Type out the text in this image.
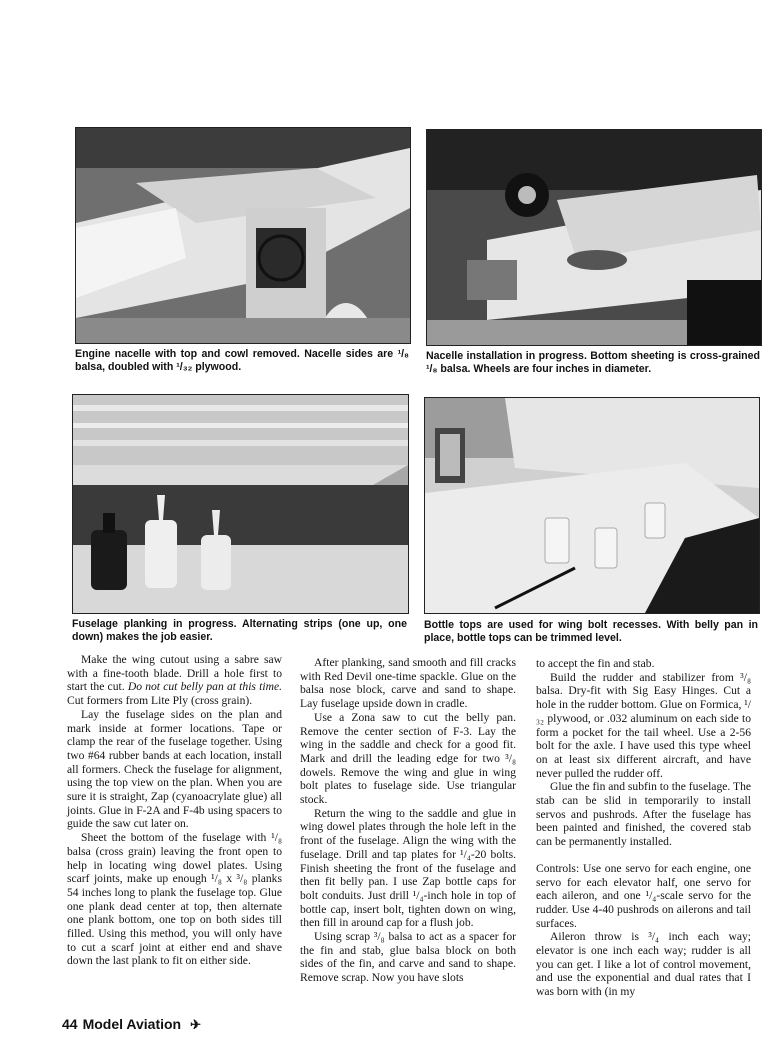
Engine nacelle with top and cowl removed. Nacelle sides are ¹/₈ balsa, doubled with ¹/₃₂ plywood.
Nacelle installation in progress. Bottom sheeting is cross-grained ¹/₈ balsa. Wheels are four inches in diameter.
Fuselage planking in progress. Alternating strips (one up, one down) makes the job easier.
Bottle tops are used for wing bolt recesses. With belly pan in place, bottle tops can be trimmed level.

Make the wing cutout using a sabre saw with a fine-tooth blade. Drill a hole first to start the cut. Do not cut belly pan at this time. Cut formers from Lite Ply (cross grain).

Lay the fuselage sides on the plan and mark inside at former locations. Tape or clamp the rear of the fuselage together. Using two #64 rubber bands at each location, install all formers. Check the fuselage for alignment, using the top view on the plan. When you are sure it is straight, Zap (cyanoacrylate glue) all joints. Glue in F-2A and F-4b using spacers to guide the saw cut later on.

Sheet the bottom of the fuselage with ¹/₈ balsa (cross grain) leaving the front open to help in locating wing dowel plates. Using scarf joints, make up enough ¹/₈ x ³/₈ planks 54 inches long to plank the fuselage top. Glue one plank dead center at top, then alternate one plank bottom, one top on both sides till filled. Using this method, you will only have to cut a scarf joint at either end and shave down the last plank to fit on either side.

After planking, sand smooth and fill cracks with Red Devil one-time spackle. Glue on the balsa nose block, carve and sand to shape. Lay fuselage upside down in cradle.

Use a Zona saw to cut the belly pan. Remove the center section of F-3. Lay the wing in the saddle and check for a good fit. Mark and drill the leading edge for two ³/₈ dowels. Remove the wing and glue in wing bolt plates to fuselage side. Use triangular stock.

Return the wing to the saddle and glue in wing dowel plates through the hole left in the front of the fuselage. Align the wing with the fuselage. Drill and tap plates for ¹/₄-20 bolts. Finish sheeting the front of the fuselage and then fit belly pan. I use Zap bottle caps for bolt conduits. Just drill ¹/₄-inch hole in top of bottle cap, insert bolt, tighten down on wing, then fill in around cap for a flush job.

Using scrap ³/₈ balsa to act as a spacer for the fin and stab, glue balsa block on both sides of the fin, and carve and sand to shape. Remove scrap. Now you have slots

to accept the fin and stab.

Build the rudder and stabilizer from ³/₈ balsa. Dry-fit with Sig Easy Hinges. Cut a hole in the rudder bottom. Glue on Formica, ¹/₃₂ plywood, or .032 aluminum on each side to form a pocket for the tail wheel. Use a 2-56 bolt for the axle. I have used this type wheel on at least six different aircraft, and have never pulled the rudder off.

Glue the fin and subfin to the fuselage. The stab can be slid in temporarily to install servos and pushrods. After the fuselage has been painted and finished, the covered stab can be permanently installed.

Controls: Use one servo for each engine, one servo for each elevator half, one servo for each aileron, and one ¹/₄-scale servo for the rudder. Use 4-40 pushrods on ailerons and tail surfaces.

Aileron throw is ³/₄ inch each way; elevator is one inch each way; rudder is all you can get. I like a lot of control movement, and use the exponential and dual rates that I was born with (in my

44 Model Aviation ✈
